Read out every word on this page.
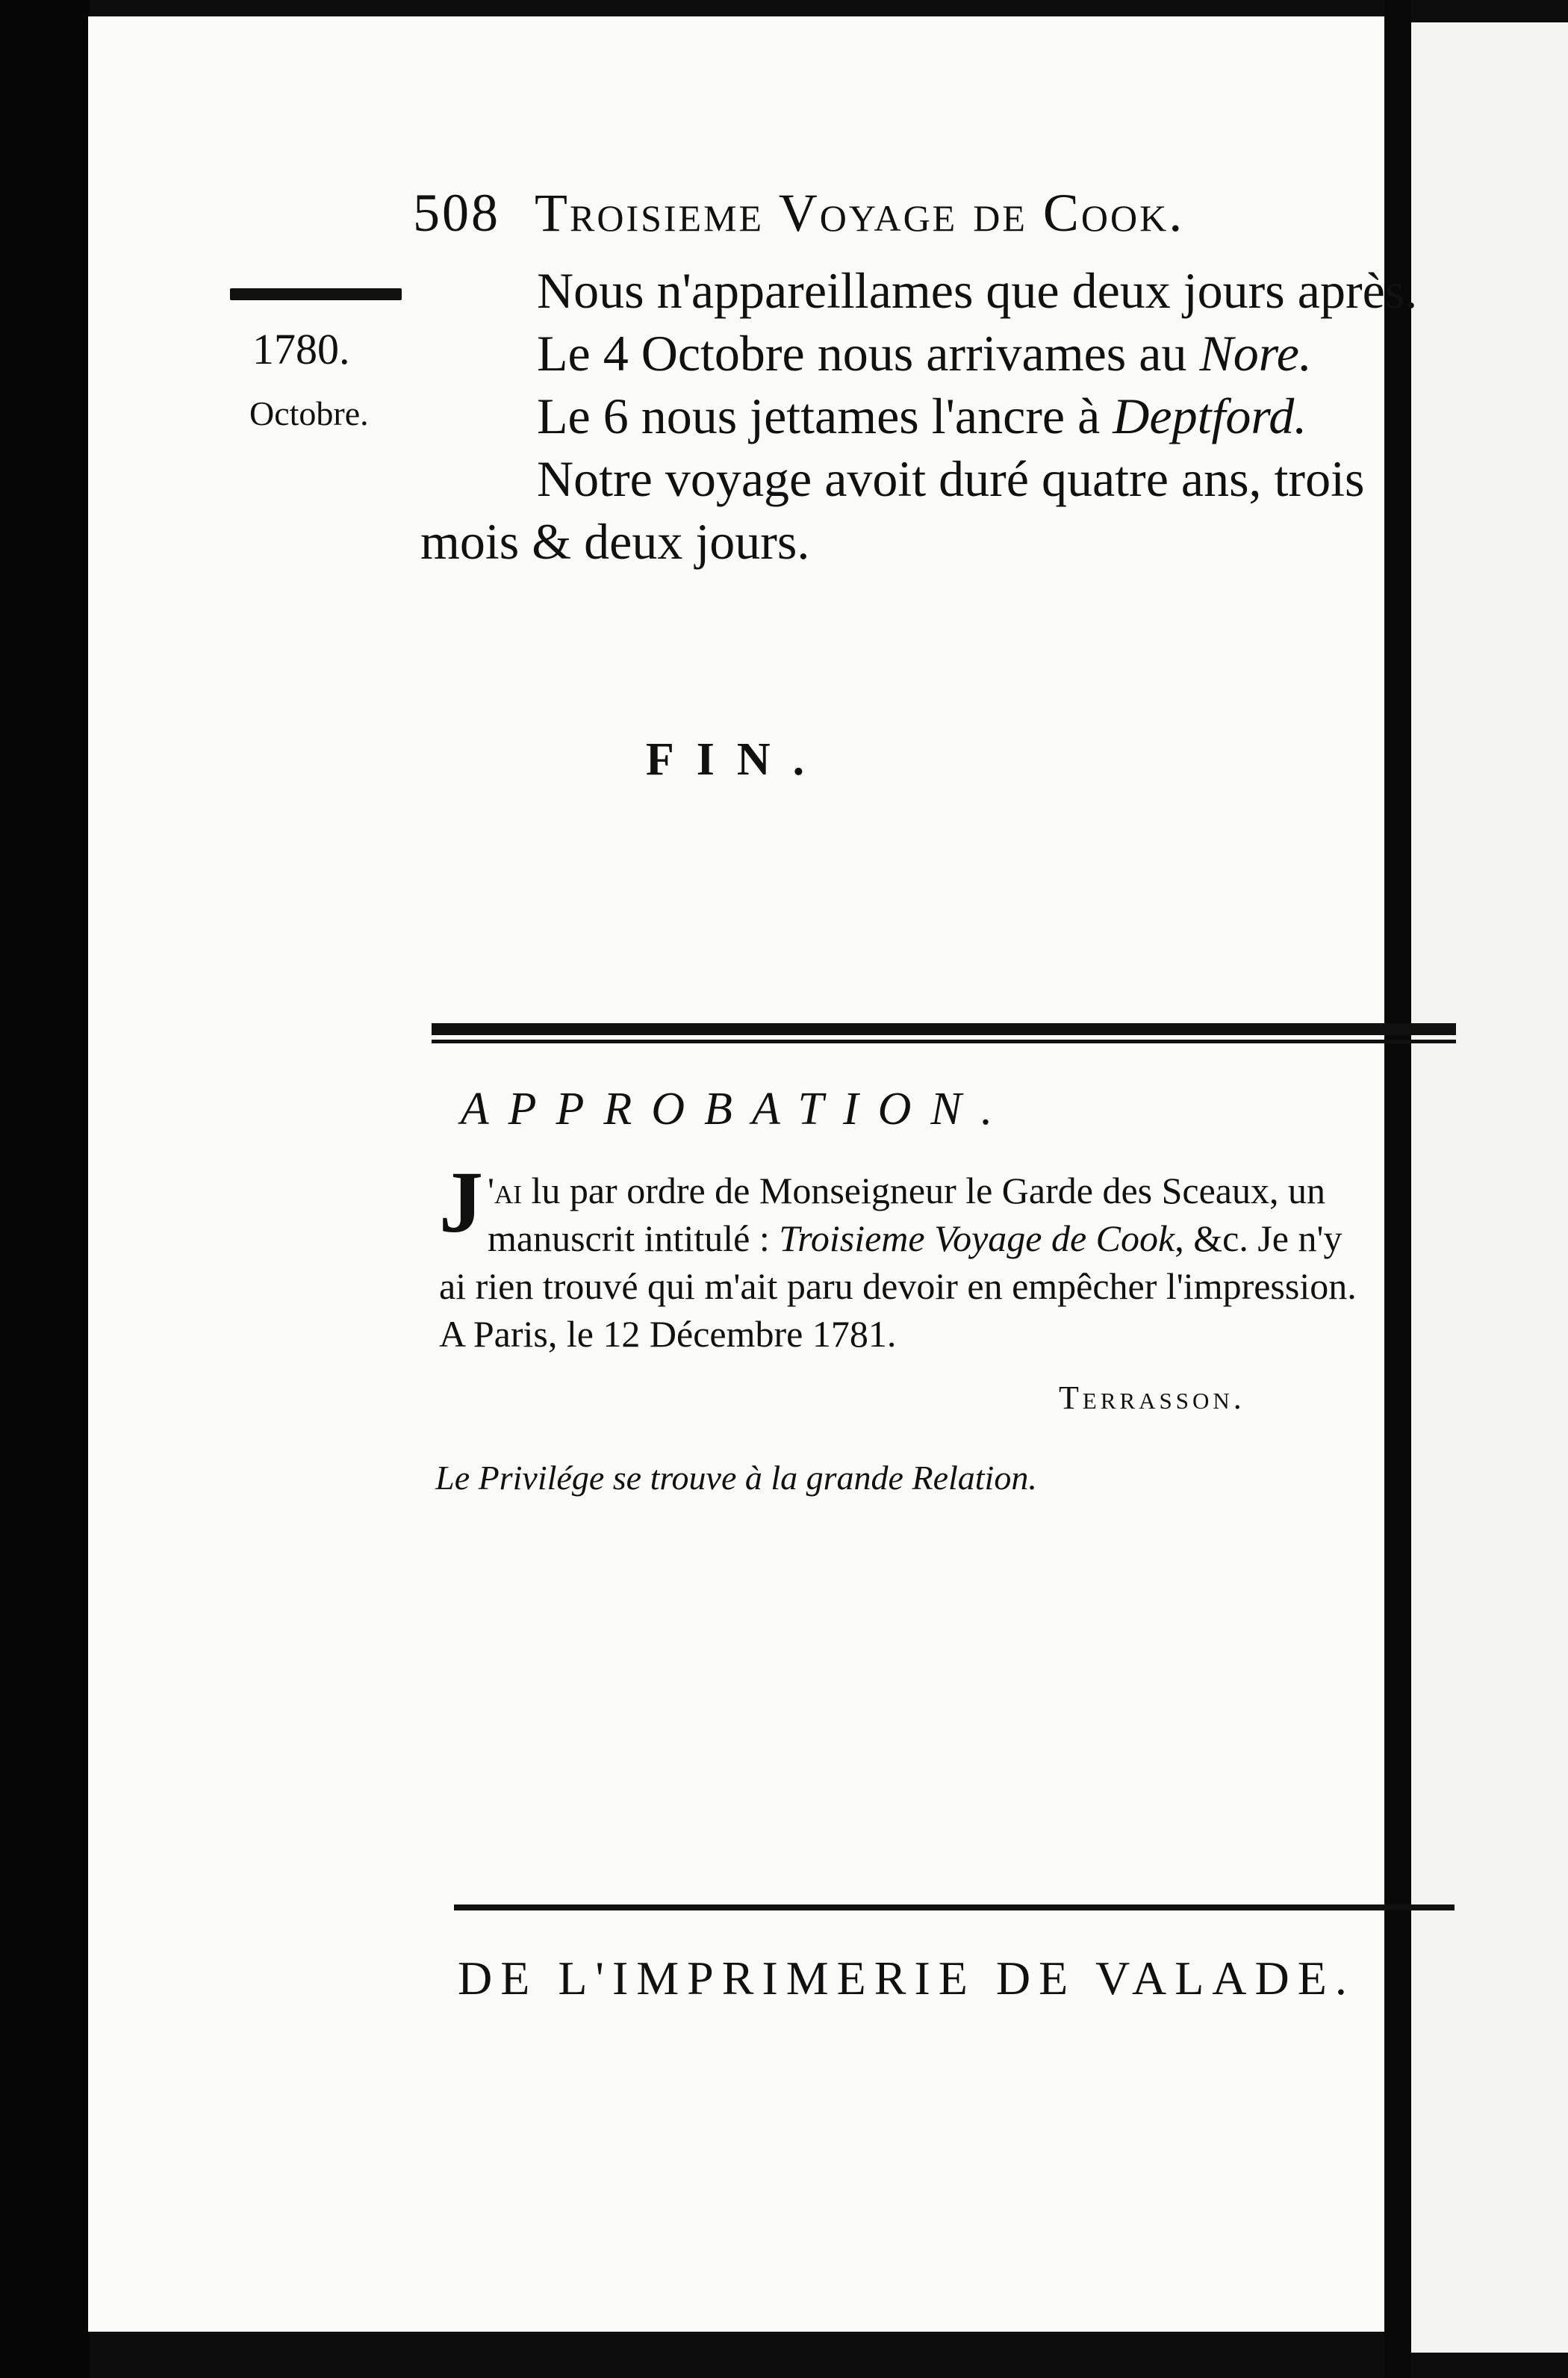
508 Troisieme Voyage de Cook.
1780.
Octobre.

Nous n'appareillames que deux jours après.

Le 4 Octobre nous arrivames au Nore.

Le 6 nous jettames l'ancre à Deptford.

Notre voyage avoit duré quatre ans, trois

mois & deux jours.

FIN.
APPROBATION.
J 'ai lu par ordre de Monseigneur le Garde des Sceaux, un

manuscrit intitulé : Troisieme Voyage de Cook, &c. Je n'y

ai rien trouvé qui m'ait paru devoir en empêcher l'impression.

A Paris, le 12 Décembre 1781.

Terrasson.
Le Privilége se trouve à la grande Relation.
DE L'IMPRIMERIE DE VALADE.
